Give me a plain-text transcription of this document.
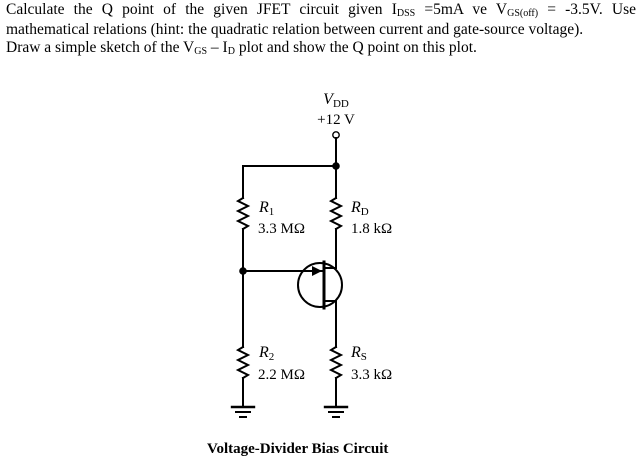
Calculate the Q point of the given JFET circuit given IDSS =5mA ve VGS(off) = -3.5V. Use
mathematical relations (hint: the quadratic relation between current and gate-source voltage).
Draw a simple sketch of the VGS – ID plot and show the Q point on this plot.
VDD
+12 V
R1
3.3 MΩ
RD
1.8 kΩ
R2
2.2 MΩ
RS
3.3 kΩ
Voltage-Divider Bias Circuit
